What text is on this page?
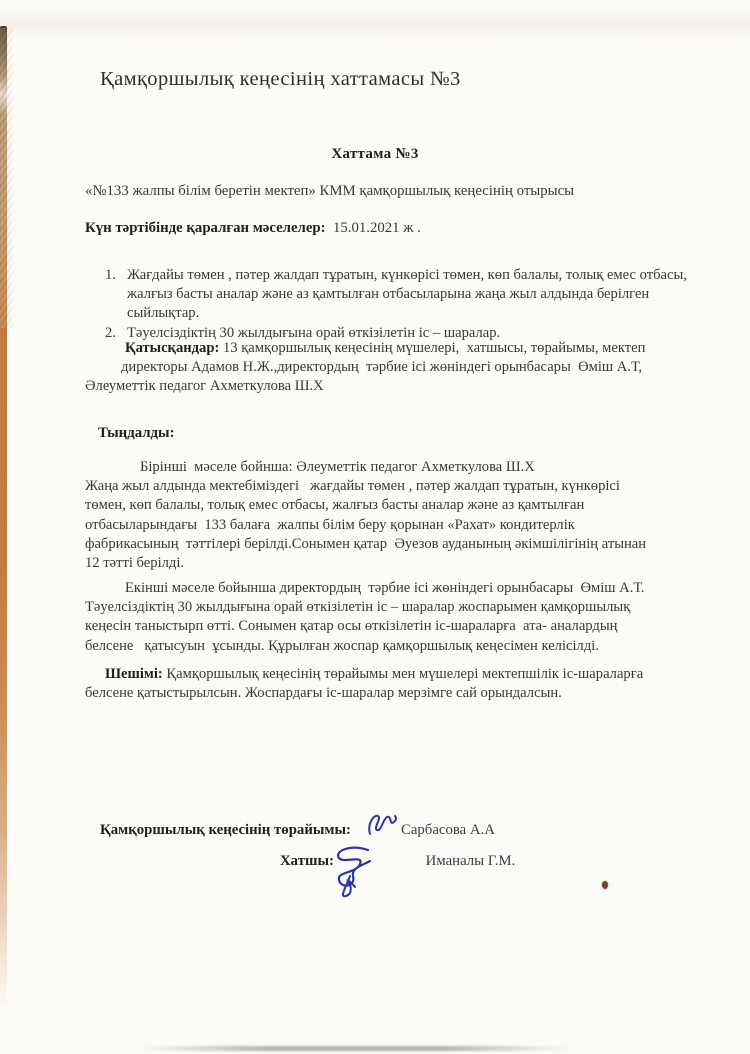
Қамқоршылық кеңесінің хаттамасы №3
Хаттама №3
«№133 жалпы білім беретін мектеп» КММ қамқоршылық кеңесінің отырысы
Күн тәртібінде қаралған мәселелер:  15.01.2021 ж .
1. Жағдайы төмен , пәтер жалдап тұратын, күнкөрісі төмен, көп балалы, толық емес отбасы, жалғыз басты аналар және аз қамтылған отбасыларына жаңа жыл алдында берілген сыйлықтар.
2. Тәуелсіздіктің 30 жылдығына орай өткізілетін іс – шаралар.
Қатысқандар: 13 қамқоршылық кеңесінің мүшелері,  хатшысы, төрайымы, мектеп
директоры Адамов Н.Ж.,директордың  тәрбие ісі жөніндегі орынбасары  Өміш А.Т,
Әлеуметтік педагог Ахметкулова Ш.Х
Тыңдалды:
Бірінші  мәселе бойнша: Әлеуметтік педагог Ахметкулова Ш.Х
Жаңа жыл алдында мектебіміздегі   жағдайы төмен , пәтер жалдап тұратын, күнкөрісі
төмен, көп балалы, толық емес отбасы, жалғыз басты аналар және аз қамтылған
отбасыларындағы  133 балаға  жалпы білім беру қорынан «Рахат» кондитерлік
фабрикасының  тәттілері берілді.Сонымен қатар  Әуезов ауданының әкімшілігінің атынан
12 тәтті берілді.
Екінші мәселе бойынша директордың  тәрбие ісі жөніндегі орынбасары  Өміш А.Т.
Тәуелсіздіктің 30 жылдығына орай өткізілетін іс – шаралар жоспарымен қамқоршылық
кеңесін таныстырп өтті. Сонымен қатар осы өткізілетін іс-шараларға  ата- аналардың
белсене   қатысуын  ұсынды. Құрылған жоспар қамқоршылық кеңесімен келісілді.
Шешімі: Қамқоршылық кеңесінің төрайымы мен мүшелері мектепшілік іс-шараларға
белсене қатыстырылсын. Жоспардағы іс-шаралар мерзімге сай орындалсын.
Қамқоршылық кеңесінің төрайымы:	Сарбасова А.А
Хатшы:	Иманалы Г.М.
